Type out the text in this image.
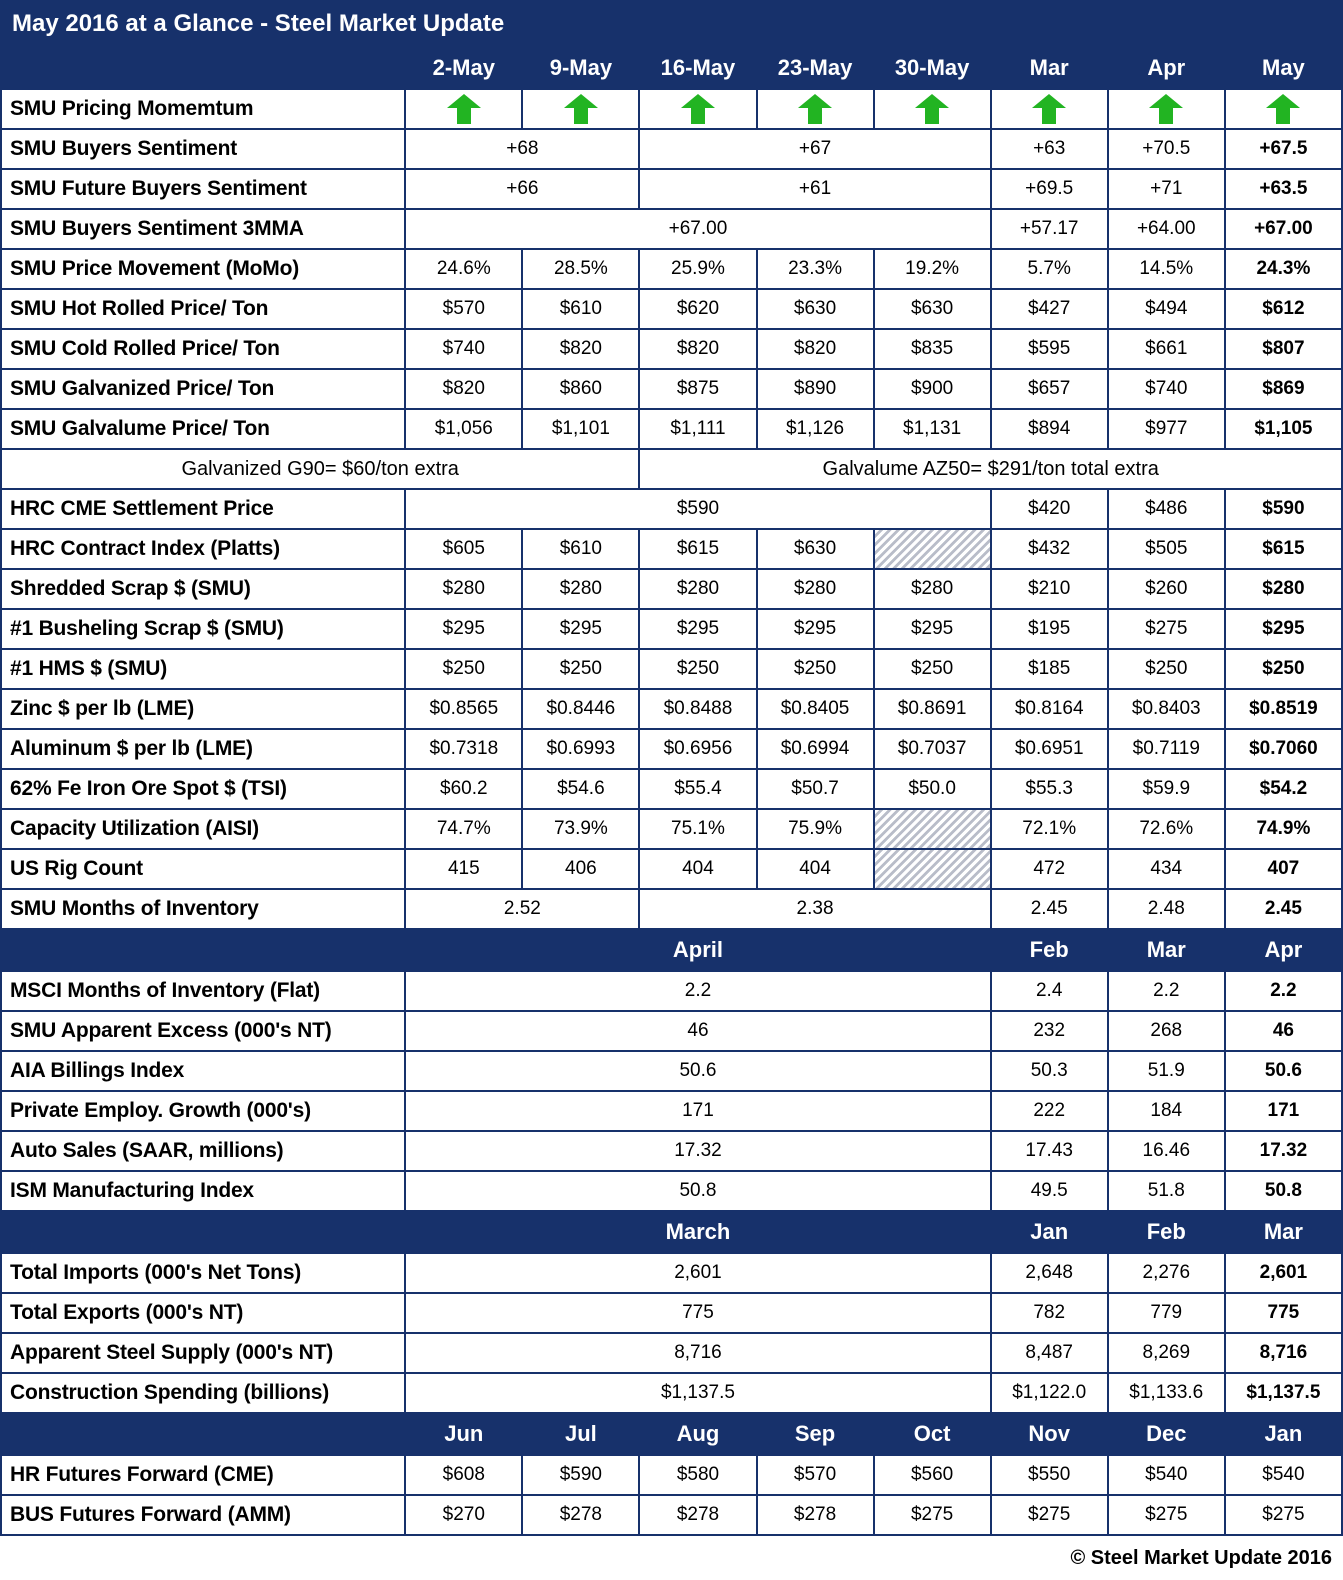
May 2016 at a Glance - Steel Market Update								
	2-May	9-May	16-May	23-May	30-May	Mar	Apr	May
SMU Pricing Momemtum								
SMU Buyers Sentiment	+68		+67			+63	+70.5	+67.5
SMU Future Buyers Sentiment	+66		+61			+69.5	+71	+63.5
SMU Buyers Sentiment 3MMA	+67.00					+57.17	+64.00	+67.00
SMU Price Movement (MoMo)	24.6%	28.5%	25.9%	23.3%	19.2%	5.7%	14.5%	24.3%
SMU Hot Rolled Price/ Ton	$570	$610	$620	$630	$630	$427	$494	$612
SMU Cold Rolled Price/ Ton	$740	$820	$820	$820	$835	$595	$661	$807
SMU Galvanized Price/ Ton	$820	$860	$875	$890	$900	$657	$740	$869
SMU Galvalume Price/ Ton	$1,056	$1,101	$1,111	$1,126	$1,131	$894	$977	$1,105
Galvanized G90= $60/ton extra			Galvalume AZ50= $291/ton total extra					
HRC CME Settlement Price	$590					$420	$486	$590
HRC Contract Index (Platts)	$605	$610	$615	$630		$432	$505	$615
Shredded Scrap $ (SMU)	$280	$280	$280	$280	$280	$210	$260	$280
#1 Busheling Scrap $ (SMU)	$295	$295	$295	$295	$295	$195	$275	$295
#1 HMS $ (SMU)	$250	$250	$250	$250	$250	$185	$250	$250
Zinc $ per lb (LME)	$0.8565	$0.8446	$0.8488	$0.8405	$0.8691	$0.8164	$0.8403	$0.8519
Aluminum $ per lb (LME)	$0.7318	$0.6993	$0.6956	$0.6994	$0.7037	$0.6951	$0.7119	$0.7060
62% Fe Iron Ore Spot $ (TSI)	$60.2	$54.6	$55.4	$50.7	$50.0	$55.3	$59.9	$54.2
Capacity Utilization (AISI)	74.7%	73.9%	75.1%	75.9%		72.1%	72.6%	74.9%
US Rig Count	415	406	404	404		472	434	407
SMU Months of Inventory	2.52		2.38			2.45	2.48	2.45
	April					Feb	Mar	Apr
MSCI Months of Inventory (Flat)	2.2					2.4	2.2	2.2
SMU Apparent Excess (000's NT)	46					232	268	46
AIA Billings Index	50.6					50.3	51.9	50.6
Private Employ. Growth (000's)	171					222	184	171
Auto Sales (SAAR, millions)	17.32					17.43	16.46	17.32
ISM Manufacturing Index	50.8					49.5	51.8	50.8
	March					Jan	Feb	Mar
Total Imports (000's Net Tons)	2,601					2,648	2,276	2,601
Total Exports (000's NT)	775					782	779	775
Apparent Steel Supply (000's NT)	8,716					8,487	8,269	8,716
Construction Spending (billions)	$1,137.5					$1,122.0	$1,133.6	$1,137.5
	Jun	Jul	Aug	Sep	Oct	Nov	Dec	Jan
HR Futures Forward (CME)	$608	$590	$580	$570	$560	$550	$540	$540
BUS Futures Forward (AMM)	$270	$278	$278	$278	$275	$275	$275	$275
© Steel Market Update 2016								
